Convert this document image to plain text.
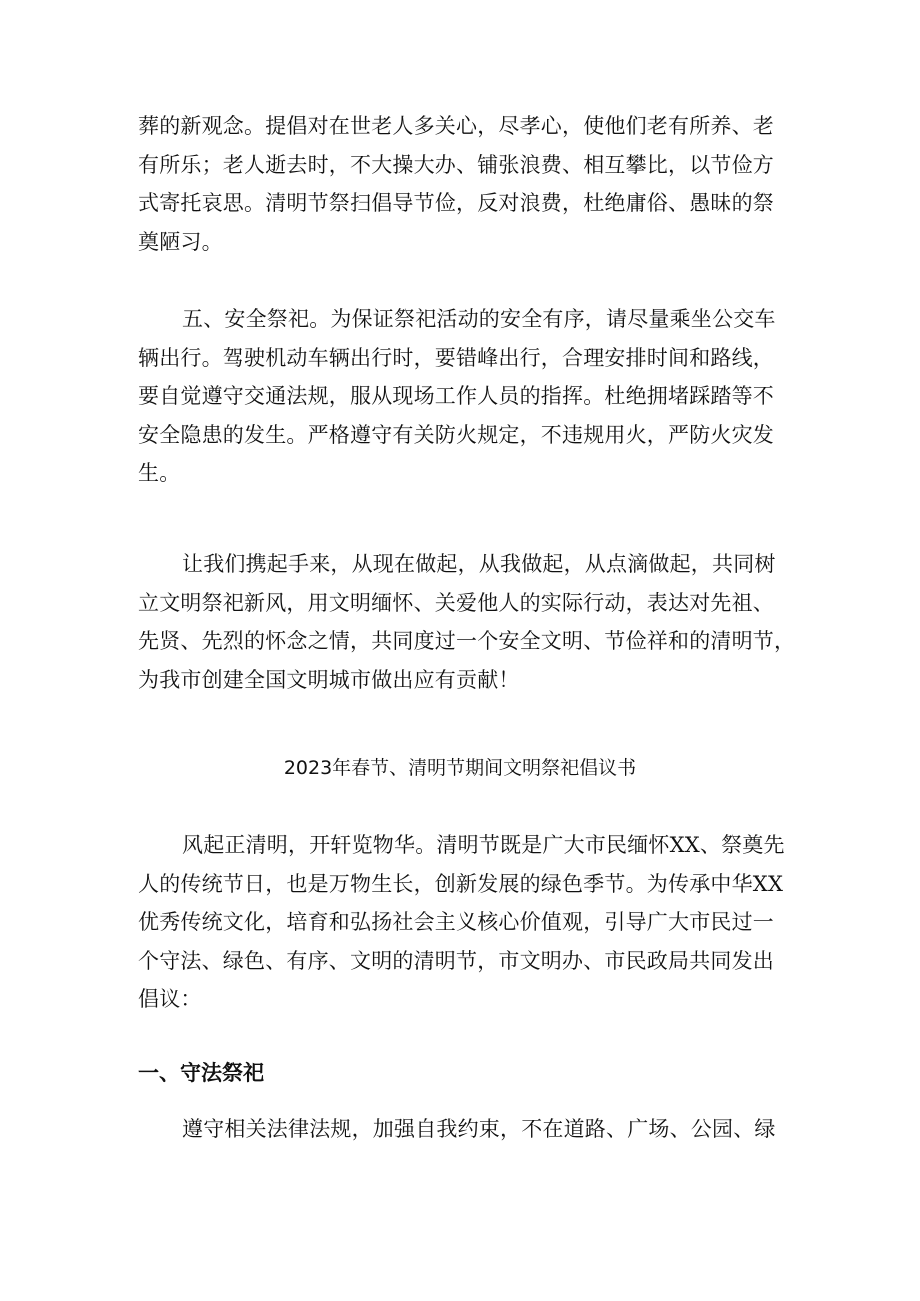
葬的新观念。提倡对在世老人多关心，尽孝心，使他们老有所养、老
有所乐；老人逝去时，不大操大办、铺张浪费、相互攀比，以节俭方
式寄托哀思。清明节祭扫倡导节俭，反对浪费，杜绝庸俗、愚昧的祭
奠陋习。
五、安全祭祀。为保证祭祀活动的安全有序，请尽量乘坐公交车
辆出行。驾驶机动车辆出行时，要错峰出行，合理安排时间和路线，
要自觉遵守交通法规，服从现场工作人员的指挥。杜绝拥堵踩踏等不
安全隐患的发生。严格遵守有关防火规定，不违规用火，严防火灾发
生。
让我们携起手来，从现在做起，从我做起，从点滴做起，共同树
立文明祭祀新风，用文明缅怀、关爱他人的实际行动，表达对先祖、
先贤、先烈的怀念之情，共同度过一个安全文明、节俭祥和的清明节，
为我市创建全国文明城市做出应有贡献！
2023年春节、清明节期间文明祭祀倡议书
风起正清明，开轩览物华。清明节既是广大市民缅怀XX、祭奠先
人的传统节日，也是万物生长，创新发展的绿色季节。为传承中华XX
优秀传统文化，培育和弘扬社会主义核心价值观，引导广大市民过一
个守法、绿色、有序、文明的清明节，市文明办、市民政局共同发出
倡议：
一、守法祭祀
遵守相关法律法规，加强自我约束，不在道路、广场、公园、绿
